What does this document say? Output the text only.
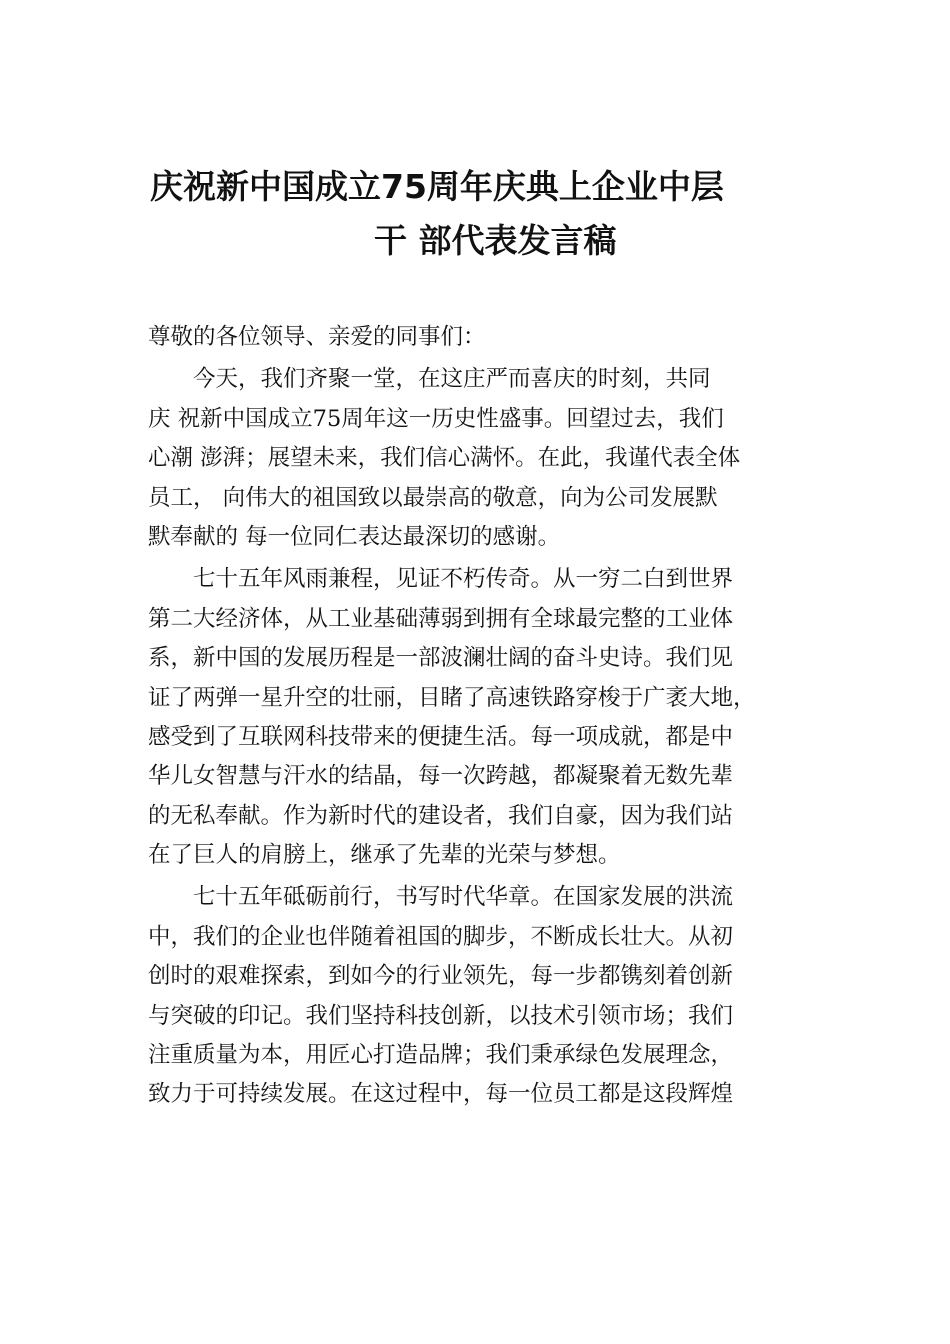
庆祝新中国成立75周年庆典上企业中层
干 部代表发言稿
尊敬的各位领导、亲爱的同事们：
　　今天，我们齐聚一堂，在这庄严而喜庆的时刻，共同
庆 祝新中国成立75周年这一历史性盛事。回望过去，我们
心潮 澎湃；展望未来，我们信心满怀。在此，我谨代表全体
员工， 向伟大的祖国致以最崇高的敬意，向为公司发展默
默奉献的 每一位同仁表达最深切的感谢。
　　七十五年风雨兼程，见证不朽传奇。从一穷二白到世界
第二大经济体，从工业基础薄弱到拥有全球最完整的工业体
系，新中国的发展历程是一部波澜壮阔的奋斗史诗。我们见
证了两弹一星升空的壮丽，目睹了高速铁路穿梭于广袤大地，
感受到了互联网科技带来的便捷生活。每一项成就，都是中
华儿女智慧与汗水的结晶，每一次跨越，都凝聚着无数先辈
的无私奉献。作为新时代的建设者，我们自豪，因为我们站
在了巨人的肩膀上，继承了先辈的光荣与梦想。
　　七十五年砥砺前行，书写时代华章。在国家发展的洪流
中，我们的企业也伴随着祖国的脚步，不断成长壮大。从初
创时的艰难探索，到如今的行业领先，每一步都镌刻着创新
与突破的印记。我们坚持科技创新，以技术引领市场；我们
注重质量为本，用匠心打造品牌；我们秉承绿色发展理念，
致力于可持续发展。在这过程中，每一位员工都是这段辉煌
